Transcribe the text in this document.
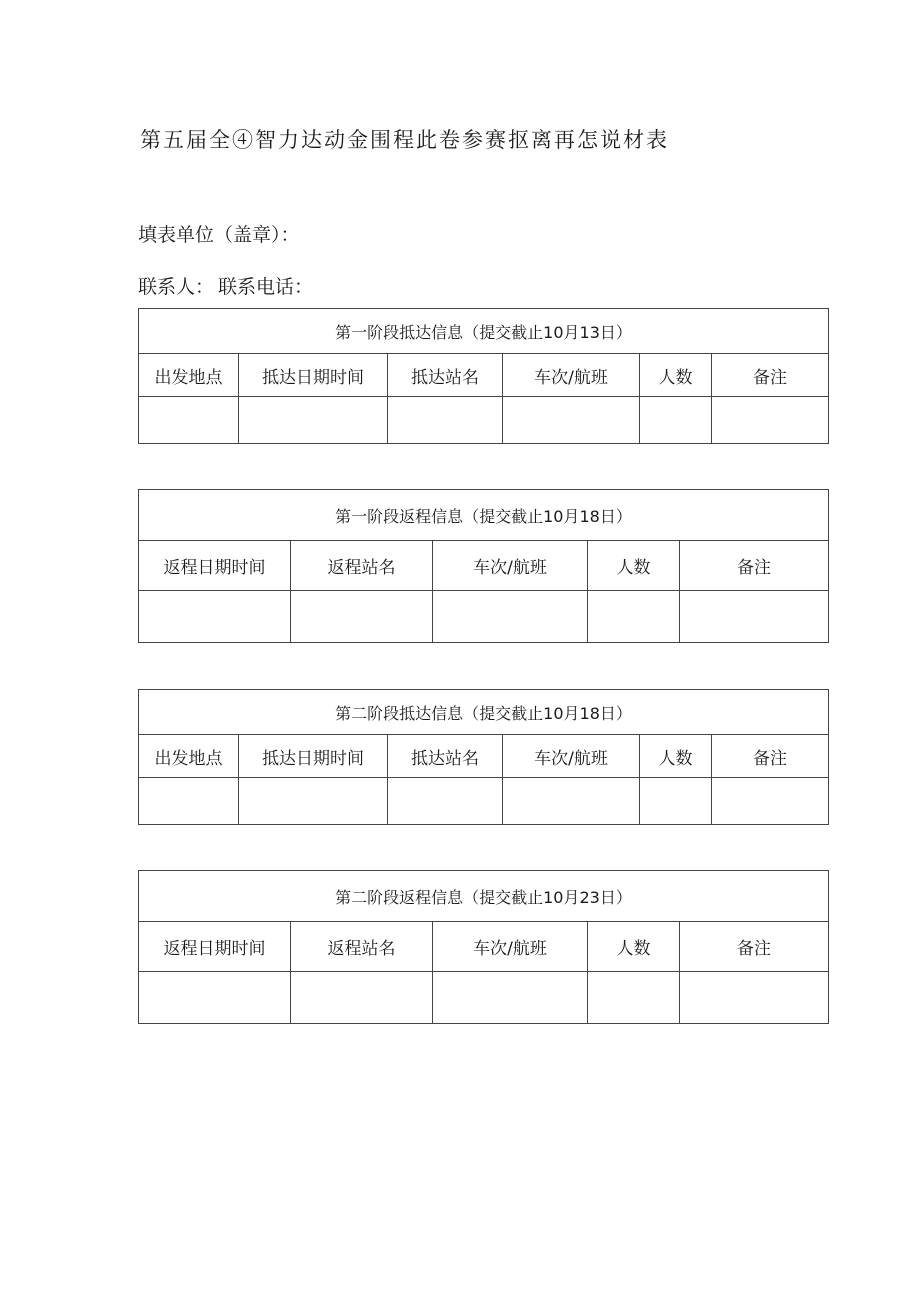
第五届全④智力达动金围程此卷参赛抠离再怎说材表
填表单位（盖章）：
联系人： 联系电话：
第一阶段抵达信息（提交截止10月13日）					
出发地点	抵达日期时间	抵达站名	车次/航班	人数	备注

第一阶段返程信息（提交截止10月18日）				
返程日期时间	返程站名	车次/航班	人数	备注

第二阶段抵达信息（提交截止10月18日）					
出发地点	抵达日期时间	抵达站名	车次/航班	人数	备注

第二阶段返程信息（提交截止10月23日）				
返程日期时间	返程站名	车次/航班	人数	备注
